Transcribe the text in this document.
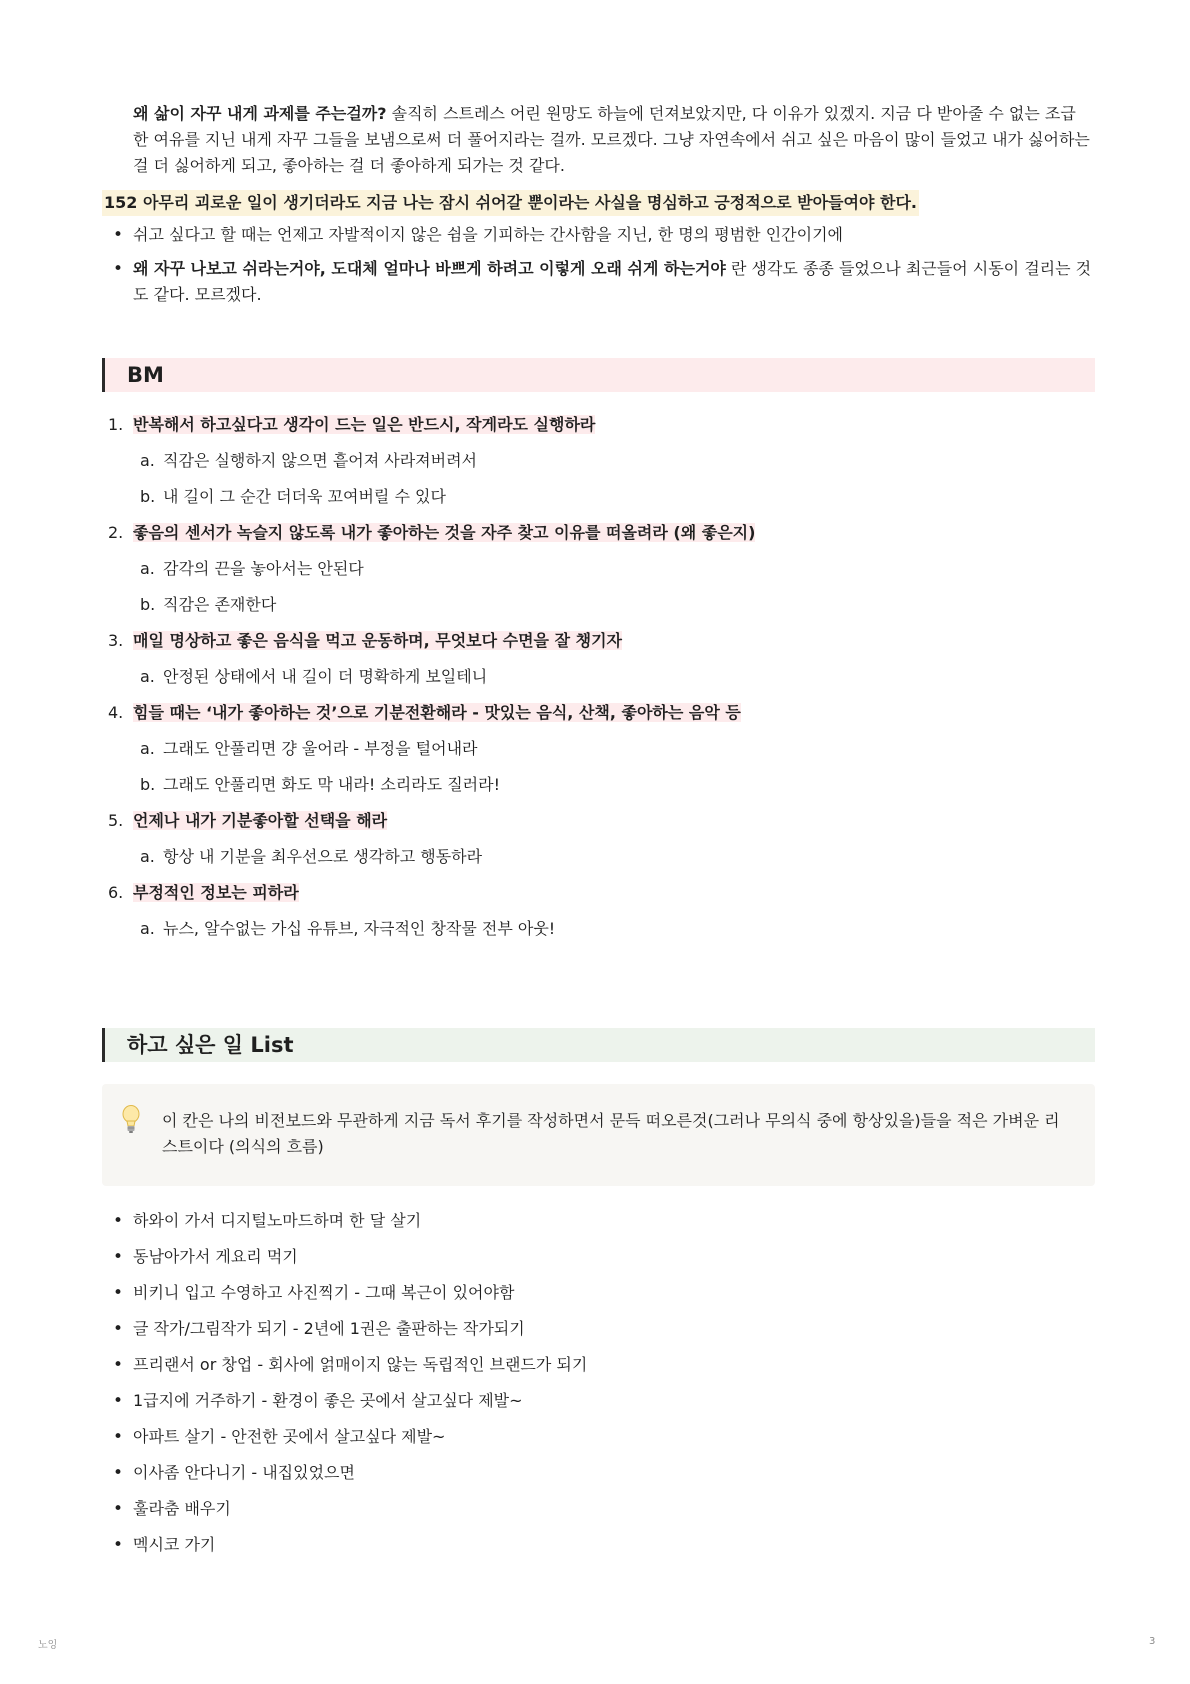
왜 삶이 자꾸 내게 과제를 주는걸까? 솔직히 스트레스 어린 원망도 하늘에 던져보았지만, 다 이유가 있겠지. 지금 다 받아줄 수 없는 조급한 여유를 지닌 내게 자꾸 그들을 보냄으로써 더 풀어지라는 걸까. 모르겠다. 그냥 자연속에서 쉬고 싶은 마음이 많이 들었고 내가 싫어하는 걸 더 싫어하게 되고, 좋아하는 걸 더 좋아하게 되가는 것 같다.

152 아무리 괴로운 일이 생기더라도 지금 나는 잠시 쉬어갈 뿐이라는 사실을 명심하고 긍정적으로 받아들여야 한다.
• 쉬고 싶다고 할 때는 언제고 자발적이지 않은 쉼을 기피하는 간사함을 지닌, 한 명의 평범한 인간이기에
• 왜 자꾸 나보고 쉬라는거야, 도대체 얼마나 바쁘게 하려고 이렇게 오래 쉬게 하는거야 란 생각도 종종 들었으나 최근들어 시동이 걸리는 것 도 같다. 모르겠다.
BM
1. 반복해서 하고싶다고 생각이 드는 일은 반드시, 작게라도 실행하라
a. 직감은 실행하지 않으면 흩어져 사라져버려서
b. 내 길이 그 순간 더더욱 꼬여버릴 수 있다
2. 좋음의 센서가 녹슬지 않도록 내가 좋아하는 것을 자주 찾고 이유를 떠올려라 (왜 좋은지)
a. 감각의 끈을 놓아서는 안된다
b. 직감은 존재한다
3. 매일 명상하고 좋은 음식을 먹고 운동하며, 무엇보다 수면을 잘 챙기자
a. 안정된 상태에서 내 길이 더 명확하게 보일테니
4. 힘들 때는 ‘내가 좋아하는 것’으로 기분전환해라 - 맛있는 음식, 산책, 좋아하는 음악 등
a. 그래도 안풀리면 걍 울어라 - 부정을 털어내라
b. 그래도 안풀리면 화도 막 내라! 소리라도 질러라!
5. 언제나 내가 기분좋아할 선택을 해라
a. 항상 내 기분을 최우선으로 생각하고 행동하라
6. 부정적인 정보는 피하라
a. 뉴스, 알수없는 가십 유튜브, 자극적인 창작물 전부 아웃!
하고 싶은 일 List
이 칸은 나의 비전보드와 무관하게 지금 독서 후기를 작성하면서 문득 떠오른것(그러나 무의식 중에 항상있을)들을 적은 가벼운 리스트이다 (의식의 흐름)
• 하와이 가서 디지털노마드하며 한 달 살기
• 동남아가서 게요리 먹기
• 비키니 입고 수영하고 사진찍기 - 그때 복근이 있어야함
• 글 작가/그림작가 되기 - 2년에 1권은 출판하는 작가되기
• 프리랜서 or 창업 - 회사에 얽매이지 않는 독립적인 브랜드가 되기
• 1급지에 거주하기 - 환경이 좋은 곳에서 살고싶다 제발~
• 아파트 살기 - 안전한 곳에서 살고싶다 제발~
• 이사좀 안다니기 - 내집있었으면
• 훌라춤 배우기
• 멕시코 가기
노잉	3
